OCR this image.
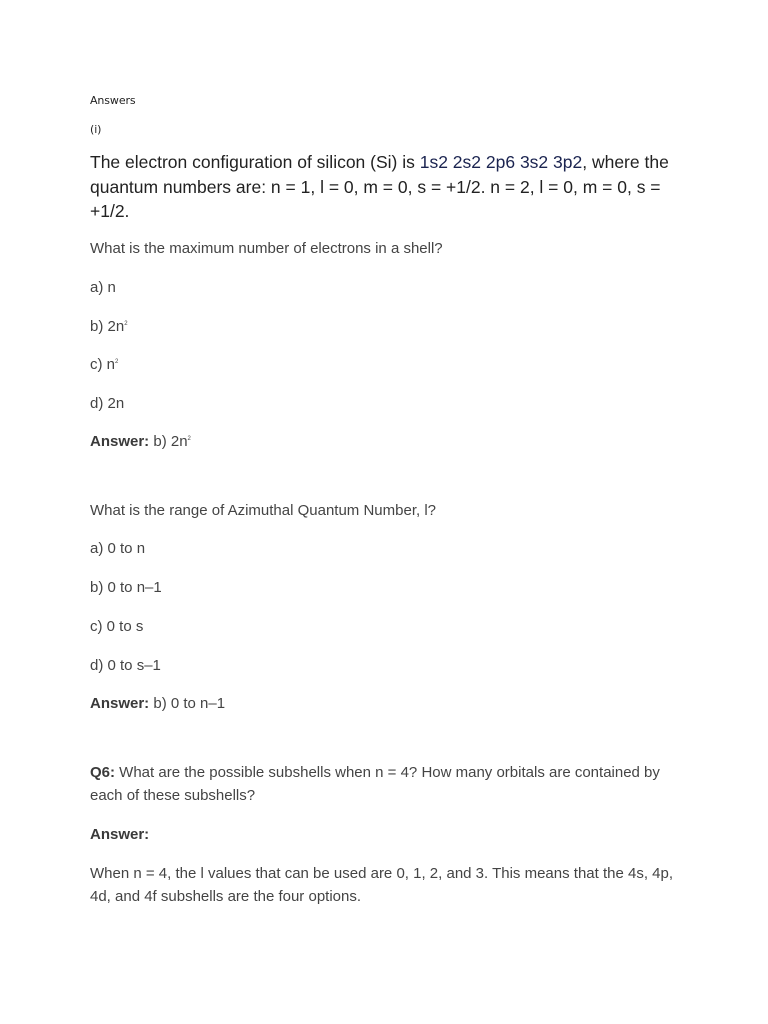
Answers
(i)
The electron configuration of silicon (Si) is 1s2 2s2 2p6 3s2 3p2, where the quantum numbers are: n = 1, l = 0, m = 0, s = +1/2. n = 2, l = 0, m = 0, s = +1/2.
What is the maximum number of electrons in a shell?
a) n
b) $2n^2$
c) $n^2$
d) 2n
Answer: b) $2n^2$
What is the range of Azimuthal Quantum Number, l?
a) 0 to n
b) 0 to n–1
c) 0 to s
d) 0 to s–1
Answer: b) 0 to n–1
Q6: What are the possible subshells when n = 4? How many orbitals are contained by each of these subshells?
Answer:
When n = 4, the l values that can be used are 0, 1, 2, and 3. This means that the 4s, 4p, 4d, and 4f subshells are the four options.
